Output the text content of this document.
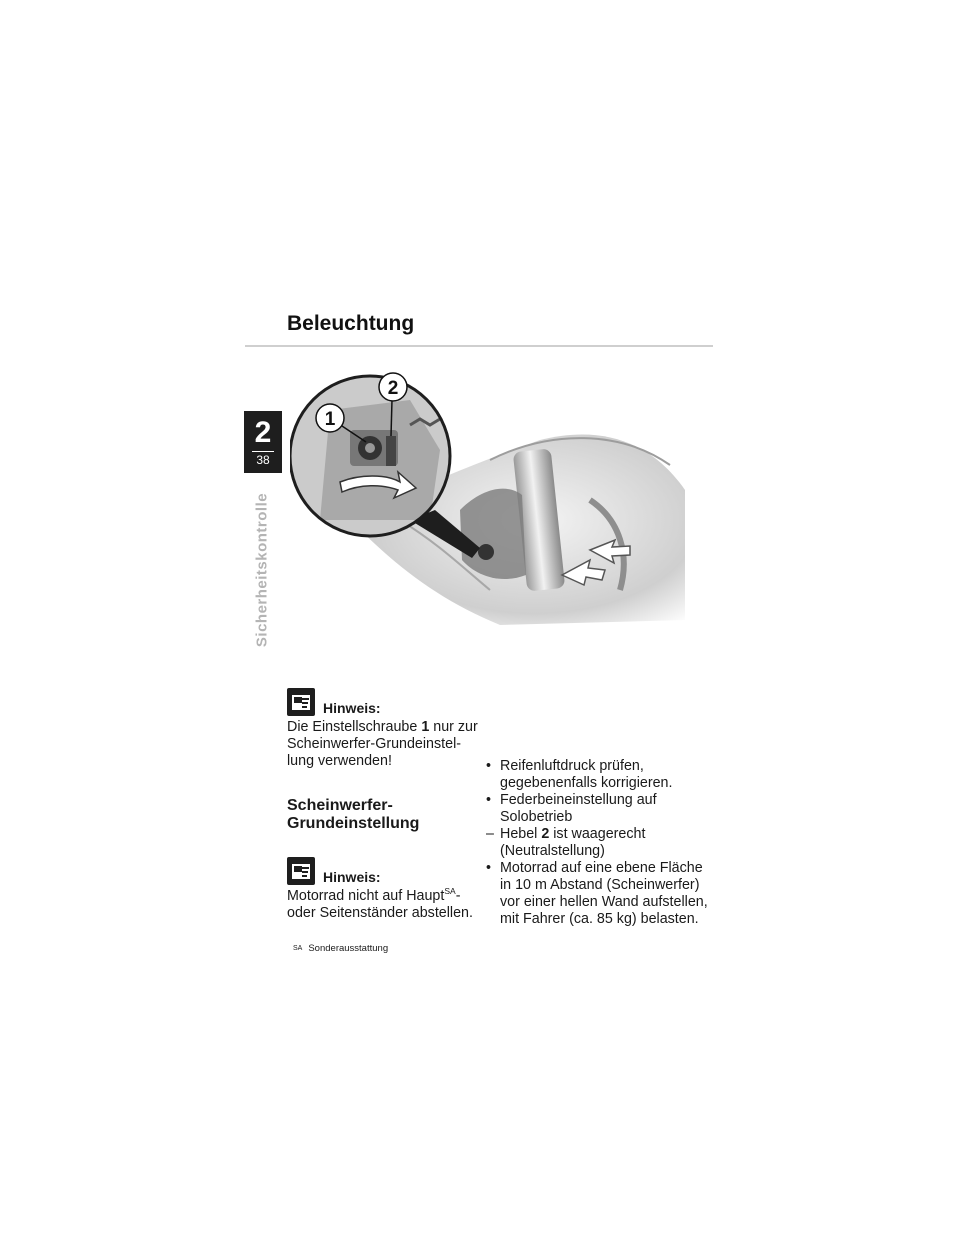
Beleuchtung
2
38
Sicherheitskontrolle
1
2
Hinweis:

Die Einstellschraube 1 nur zur Scheinwerfer-Grundeinstel-lung verwenden!

Scheinwerfer-
Grundeinstellung
Hinweis:

Motorrad nicht auf Haupt$^{SA}$-oder Seitenständer abstellen.

SA Sonderausstattung
• Reifenluftdruck prüfen, gegebenenfalls korrigieren.
• Federbeineinstellung auf Solobetrieb
– Hebel 2 ist waagerecht (Neutralstellung)
• Motorrad auf eine ebene Fläche in 10 m Abstand (Scheinwerfer) vor einer hellen Wand aufstellen, mit Fahrer (ca. 85 kg) belasten.
